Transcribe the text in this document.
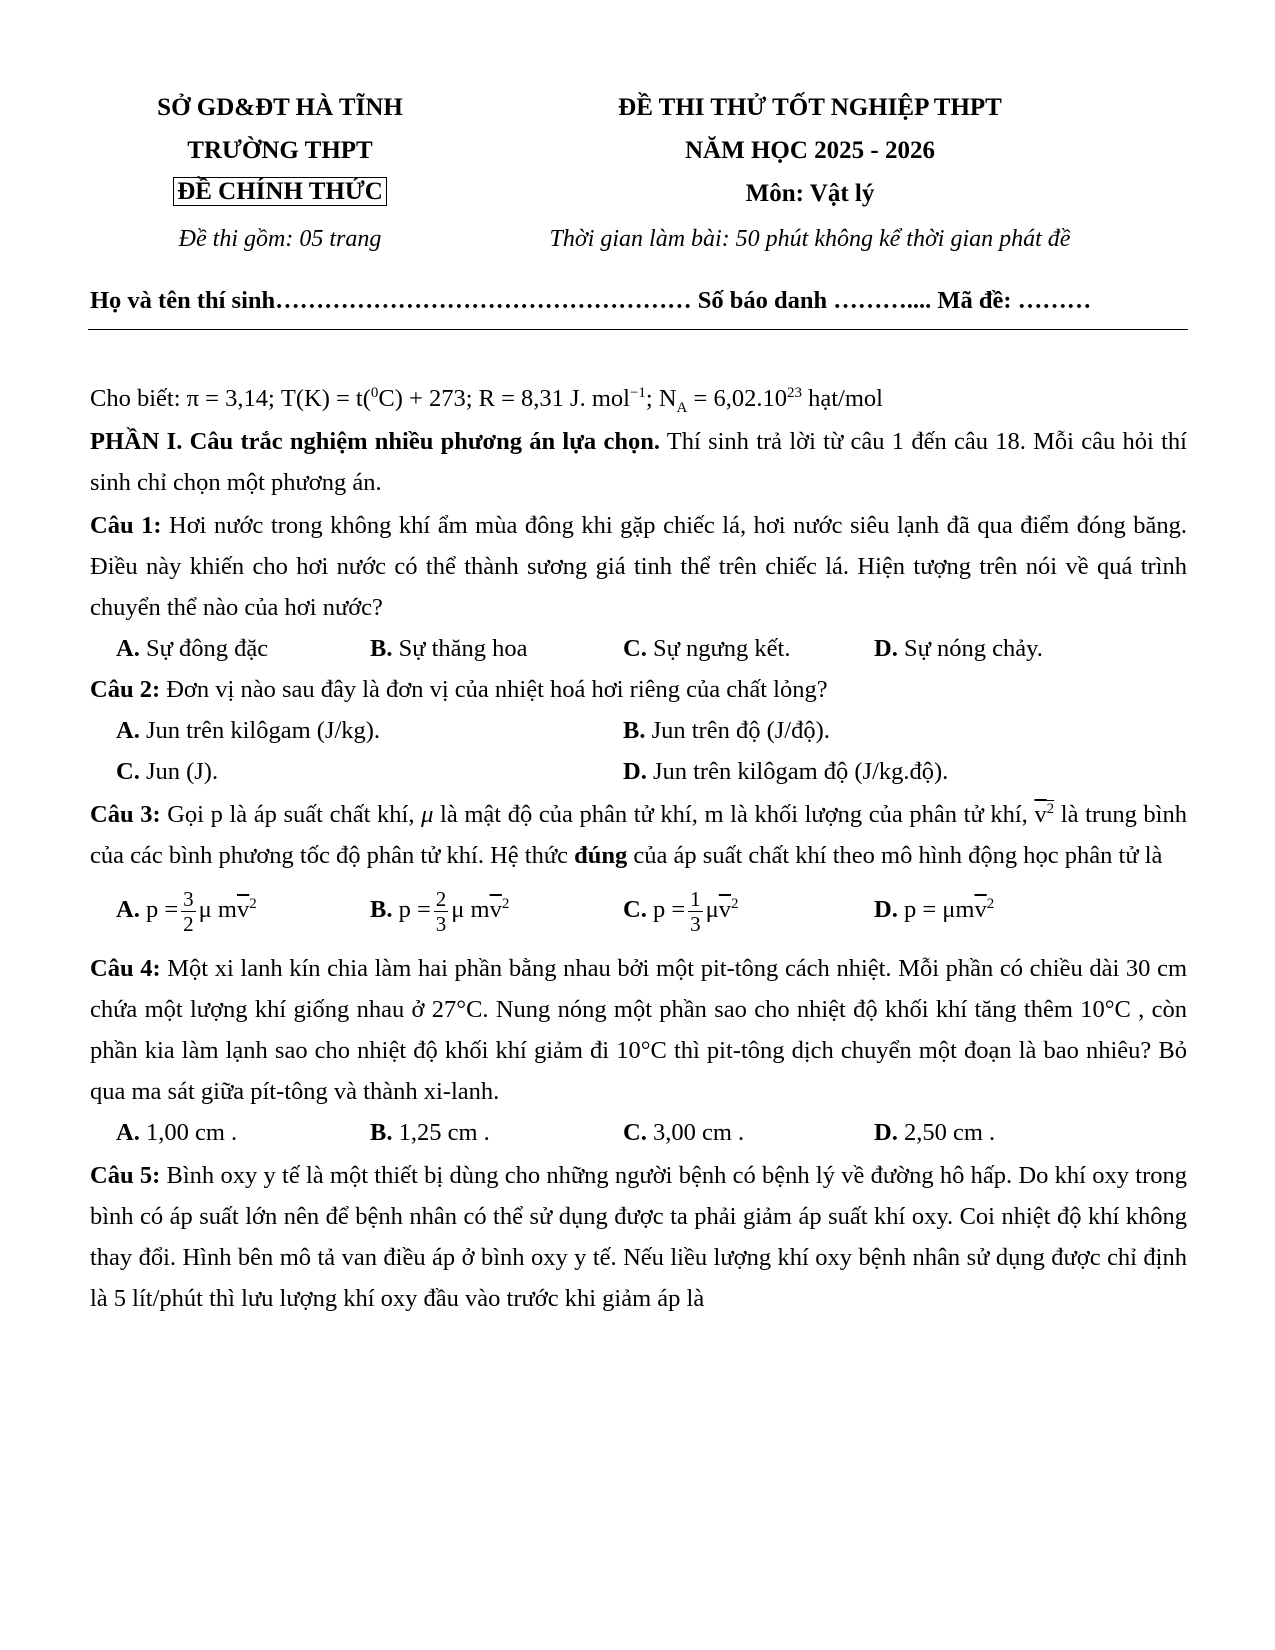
SỞ GD&ĐT HÀ TĨNH
TRƯỜNG THPT
ĐỀ CHÍNH THỨC
Đề thi gồm: 05 trang
ĐỀ THI THỬ TỐT NGHIỆP THPT
NĂM HỌC 2025 - 2026
Môn: Vật lý
Thời gian làm bài: 50 phút không kể thời gian phát đề
Họ và tên thí sinh…………………………………………… Số báo danh ……….... Mã đề: ………

Cho biết: π = 3,14; T(K) = t($^0$C) + 273; R = 8,31 J. mol$^{-1}$; $N_A = 6,02.10^{23}$ hạt/mol

PHẦN I. Câu trắc nghiệm nhiều phương án lựa chọn. Thí sinh trả lời từ câu 1 đến câu 18. Mỗi câu hỏi thí sinh chỉ chọn một phương án.

Câu 1: Hơi nước trong không khí ẩm mùa đông khi gặp chiếc lá, hơi nước siêu lạnh đã qua điểm đóng băng. Điều này khiến cho hơi nước có thể thành sương giá tinh thể trên chiếc lá. Hiện tượng trên nói về quá trình chuyển thể nào của hơi nước?

A. Sự đông đặc	B. Sự thăng hoa	C. Sự ngưng kết.	D. Sự nóng chảy.

Câu 2: Đơn vị nào sau đây là đơn vị của nhiệt hoá hơi riêng của chất lỏng?

A. Jun trên kilôgam (J/kg).	B. Jun trên độ (J/độ).
C. Jun (J).	D. Jun trên kilôgam độ (J/kg.độ).

Câu 3: Gọi p là áp suất chất khí, μ là mật độ của phân tử khí, m là khối lượng của phân tử khí, $\overline{v}^2$ là trung bình của các bình phương tốc độ phân tử khí. Hệ thức đúng của áp suất chất khí theo mô hình động học phân tử là

A. $p = \frac{3}{2}$ μ $m\overline{v}^2$	B. $p = \frac{2}{3}$ μ $m\overline{v}^2$	C. $p = \frac{1}{3} \mu\overline{v}^2$	D. $p = \mu m\overline{v}^2$

Câu 4: Một xi lanh kín chia làm hai phần bằng nhau bởi một pit-tông cách nhiệt. Mỗi phần có chiều dài 30 cm chứa một lượng khí giống nhau ở 27°C. Nung nóng một phần sao cho nhiệt độ khối khí tăng thêm 10°C , còn phần kia làm lạnh sao cho nhiệt độ khối khí giảm đi 10°C thì pit-tông dịch chuyển một đoạn là bao nhiêu? Bỏ qua ma sát giữa pít-tông và thành xi-lanh.

A. 1,00 cm .	B. 1,25 cm .	C. 3,00 cm .	D. 2,50 cm .

Câu 5: Bình oxy y tế là một thiết bị dùng cho những người bệnh có bệnh lý về đường hô hấp. Do khí oxy trong bình có áp suất lớn nên để bệnh nhân có thể sử dụng được ta phải giảm áp suất khí oxy. Coi nhiệt độ khí không thay đổi. Hình bên mô tả van điều áp ở bình oxy y tế. Nếu liều lượng khí oxy bệnh nhân sử dụng được chỉ định là 5 lít/phút thì lưu lượng khí oxy đầu vào trước khi giảm áp là
